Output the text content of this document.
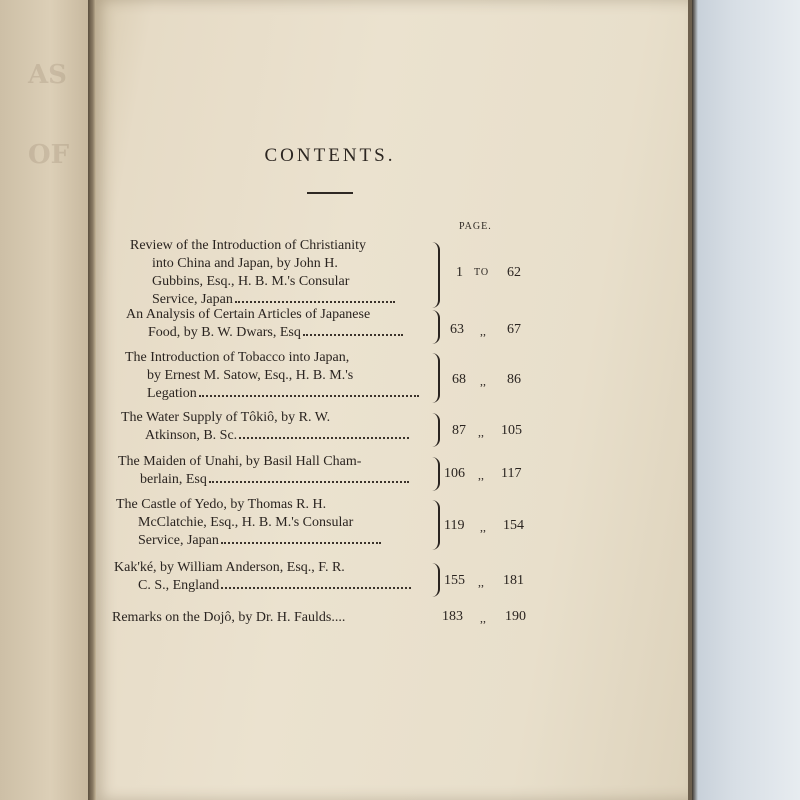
AS
OF	CONTENTS.
PAGE.
Review of the Introduction of Christianity
into China and Japan, by John H.
Gubbins, Esq., H. B. M.'s Consular
Service, Japan
1 TO 62
An Analysis of Certain Articles of Japanese
Food, by B. W. Dwars, Esq	63 ,, 67
The Introduction of Tobacco into Japan,
by Ernest M. Satow, Esq., H. B. M.'s
Legation
68 ,, 86
The Water Supply of Tôkiô, by R. W.
Atkinson, B. Sc.	87 ,, 105
The Maiden of Unahi, by Basil Hall Cham-
berlain, Esq	106 ,, 117
The Castle of Yedo, by Thomas R. H.
McClatchie, Esq., H. B. M.'s Consular
Service, Japan
119 ,, 154
Kak'ké, by William Anderson, Esq., F. R.
C. S., England	155 ,, 181
Remarks on the Dojô, by Dr. H. Faulds....	183 ,, 190
